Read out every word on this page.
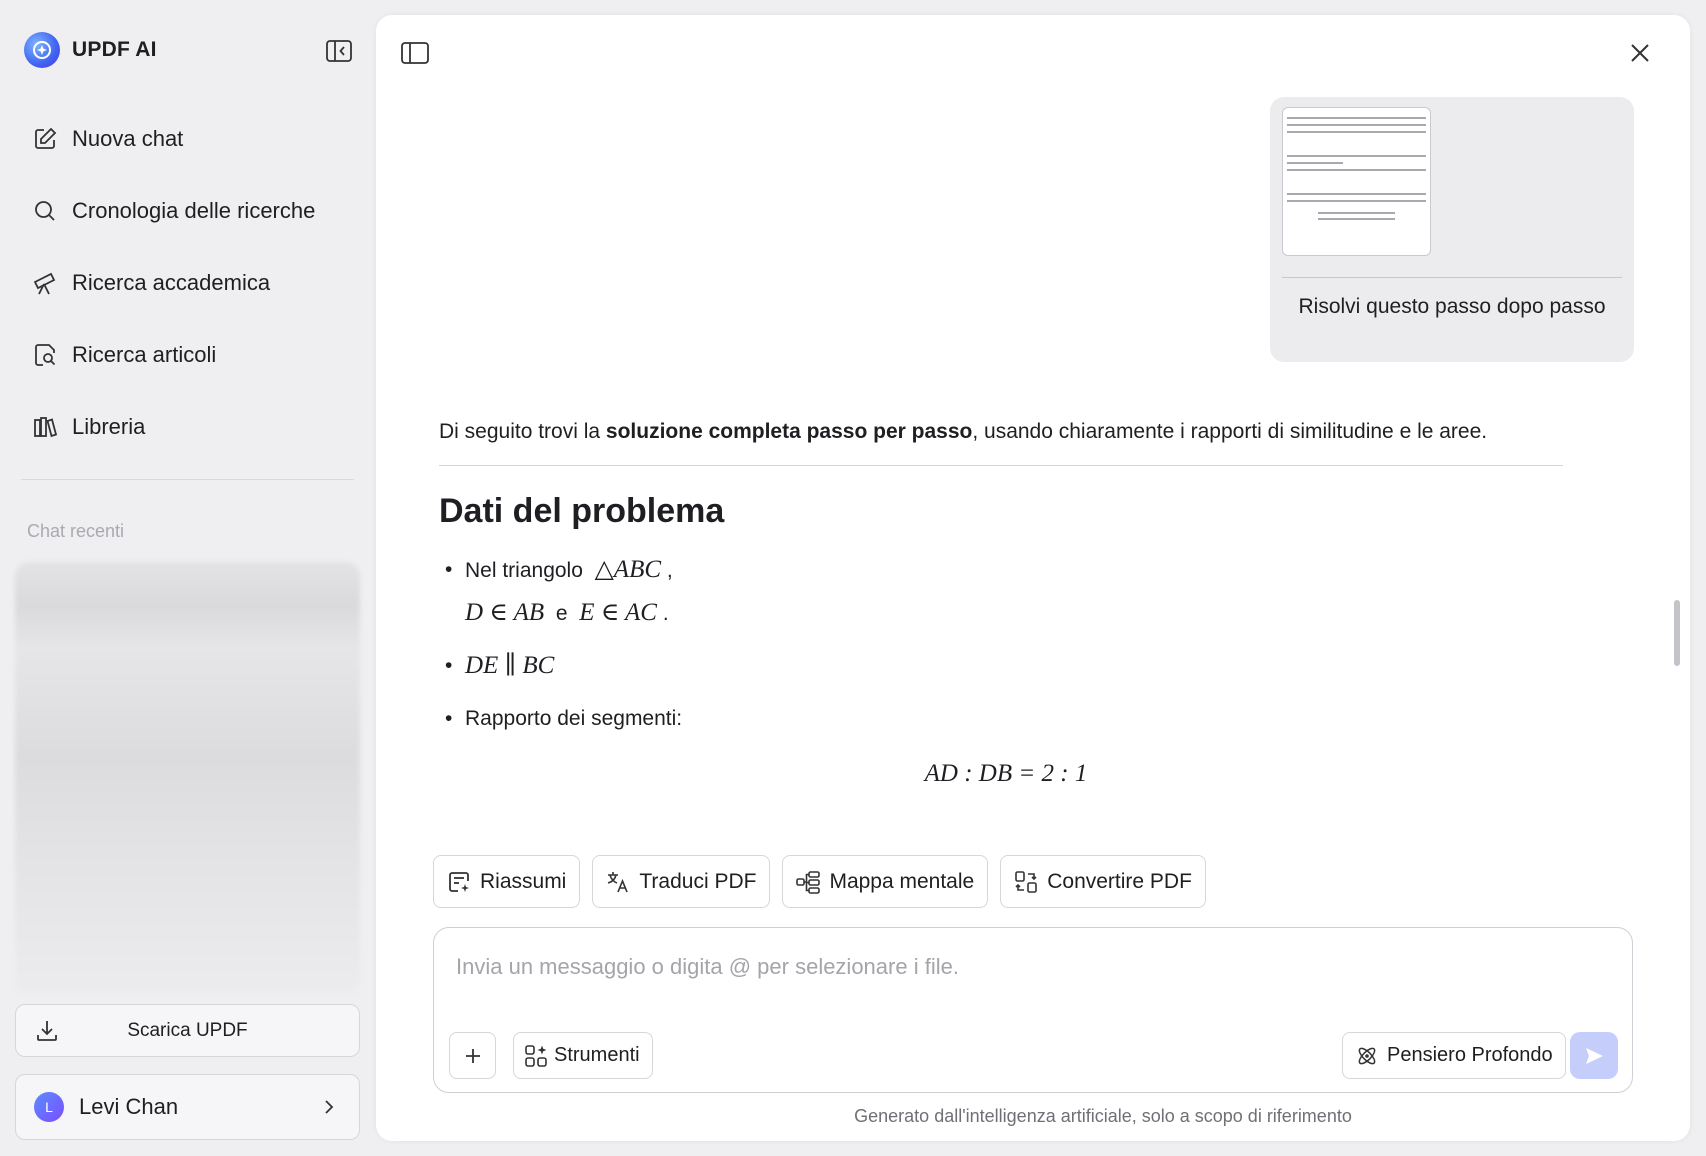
UPDF AI
Nuova chat
Cronologia delle ricerche
Ricerca accademica
Ricerca articoli
Libreria
Chat recenti
Scarica UPDF
L	Levi Chan
Risolvi questo passo dopo passo

Di seguito trovi la soluzione completa passo per passo, usando chiaramente i rapporti di similitudine e le aree.

Dati del problema
• Nel triangolo △ABC ,
D ∈ AB e E ∈ AC .
• DE ∥ BC
• Rapporto dei segmenti:
AD : DB = 2 : 1
Riassumi	Traduci PDF	Mappa mentale	Convertire PDF
Invia un messaggio o digita @ per selezionare i file.
Strumenti	Pensiero Profondo
Generato dall'intelligenza artificiale, solo a scopo di riferimento
